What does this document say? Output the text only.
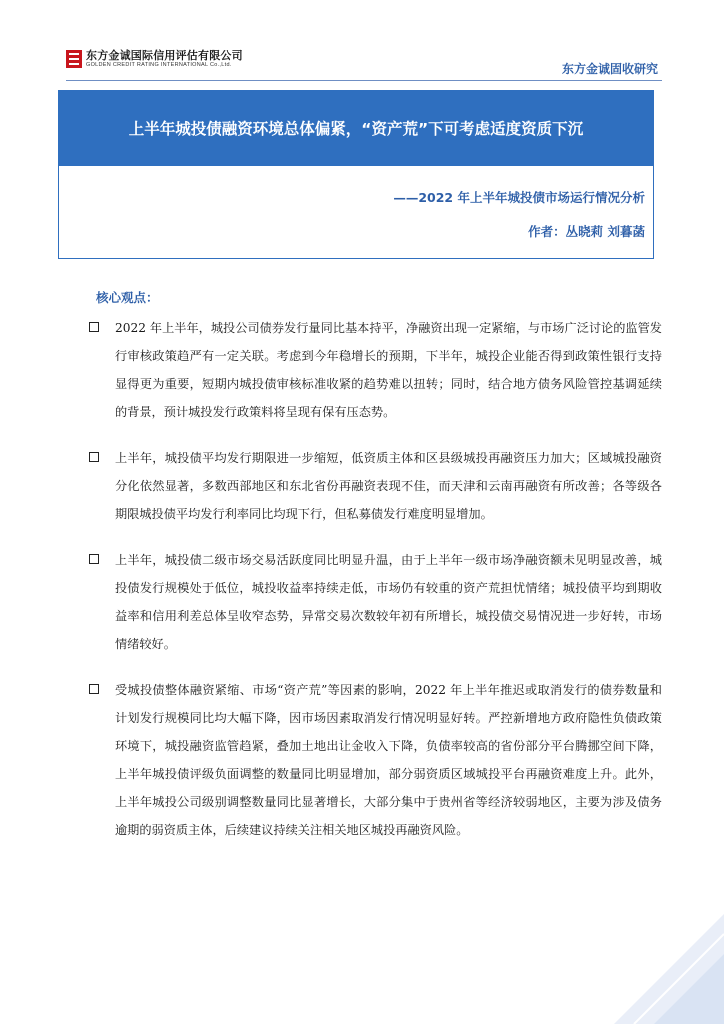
东方金诚国际信用评估有限公司
GOLDEN CREDIT RATING INTERNATIONAL Co.,Ltd.	东方金诚固收研究
上半年城投债融资环境总体偏紧，“资产荒”下可考虑适度资质下沉
——2022 年上半年城投债市场运行情况分析
作者：丛晓莉 刘暮菡
核心观点：
2022 年上半年，城投公司债券发行量同比基本持平，净融资出现一定紧缩，与市场广泛讨论的监管发行审核政策趋严有一定关联。考虑到今年稳增长的预期，下半年，城投企业能否得到政策性银行支持显得更为重要，短期内城投债审核标准收紧的趋势难以扭转；同时，结合地方债务风险管控基调延续的背景，预计城投发行政策料将呈现有保有压态势。
上半年，城投债平均发行期限进一步缩短，低资质主体和区县级城投再融资压力加大；区域城投融资分化依然显著，多数西部地区和东北省份再融资表现不佳，而天津和云南再融资有所改善；各等级各期限城投债平均发行利率同比均现下行，但私募债发行难度明显增加。
上半年，城投债二级市场交易活跃度同比明显升温，由于上半年一级市场净融资额未见明显改善，城投债发行规模处于低位，城投收益率持续走低，市场仍有较重的资产荒担忧情绪；城投债平均到期收益率和信用利差总体呈收窄态势，异常交易次数较年初有所增长，城投债交易情况进一步好转，市场情绪较好。
受城投债整体融资紧缩、市场“资产荒”等因素的影响，2022 年上半年推迟或取消发行的债券数量和计划发行规模同比均大幅下降，因市场因素取消发行情况明显好转。严控新增地方政府隐性负债政策环境下，城投融资监管趋紧，叠加土地出让金收入下降，负债率较高的省份部分平台腾挪空间下降，上半年城投债评级负面调整的数量同比明显增加，部分弱资质区域城投平台再融资难度上升。此外，上半年城投公司级别调整数量同比显著增长，大部分集中于贵州省等经济较弱地区，主要为涉及债务逾期的弱资质主体，后续建议持续关注相关地区城投再融资风险。
